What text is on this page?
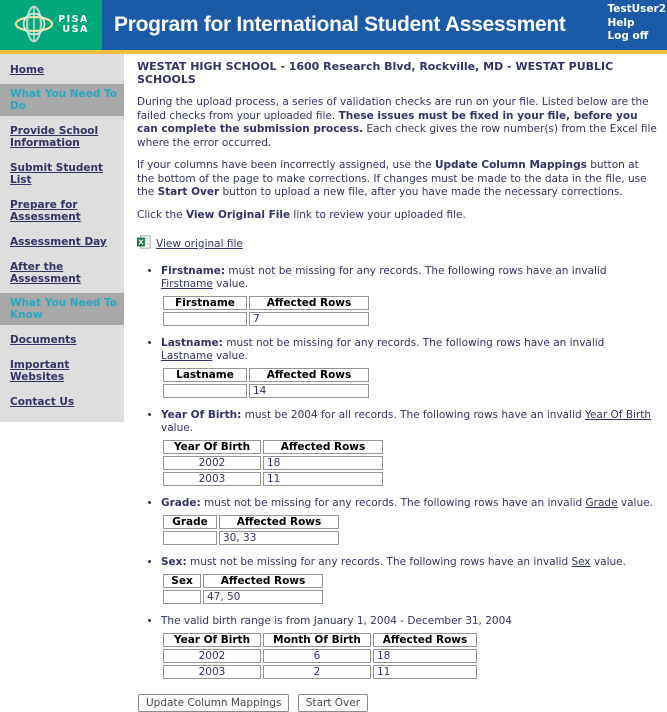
PISA
USA Program for International Student Assessment
TestUser2
Help
Log off
Home
What You Need To Do
Provide School Information
Submit Student List
Prepare for Assessment
Assessment Day
After the Assessment
What You Need To Know
Documents
Important Websites
Contact Us
WESTAT HIGH SCHOOL - 1600 Research Blvd, Rockville, MD - WESTAT PUBLIC SCHOOLS

During the upload process, a series of validation checks are run on your file. Listed below are the failed checks from your uploaded file. These issues must be fixed in your file, before you can complete the submission process. Each check gives the row number(s) from the Excel file where the error occurred.

If your columns have been incorrectly assigned, use the Update Column Mappings button at the bottom of the page to make corrections. If changes must be made to the data in the file, use the Start Over button to upload a new file, after you have made the necessary corrections.

Click the View Original File link to review your uploaded file.

X View original file
• Firstname: must not be missing for any records. The following rows have an invalid Firstname value.
Firstname	Affected Rows
	7
• Lastname: must not be missing for any records. The following rows have an invalid Lastname value.
Lastname	Affected Rows
	14
• Year Of Birth: must be 2004 for all records. The following rows have an invalid Year Of Birth value.
Year Of Birth	Affected Rows
2002	18
2003	11
• Grade: must not be missing for any records. The following rows have an invalid Grade value.
Grade	Affected Rows
	30, 33
• Sex: must not be missing for any records. The following rows have an invalid Sex value.
Sex	Affected Rows
	47, 50
• The valid birth range is from January 1, 2004 - December 31, 2004
Year Of Birth	Month Of Birth	Affected Rows
2002	6	18
2003	2	11
Update Column Mappings Start Over
